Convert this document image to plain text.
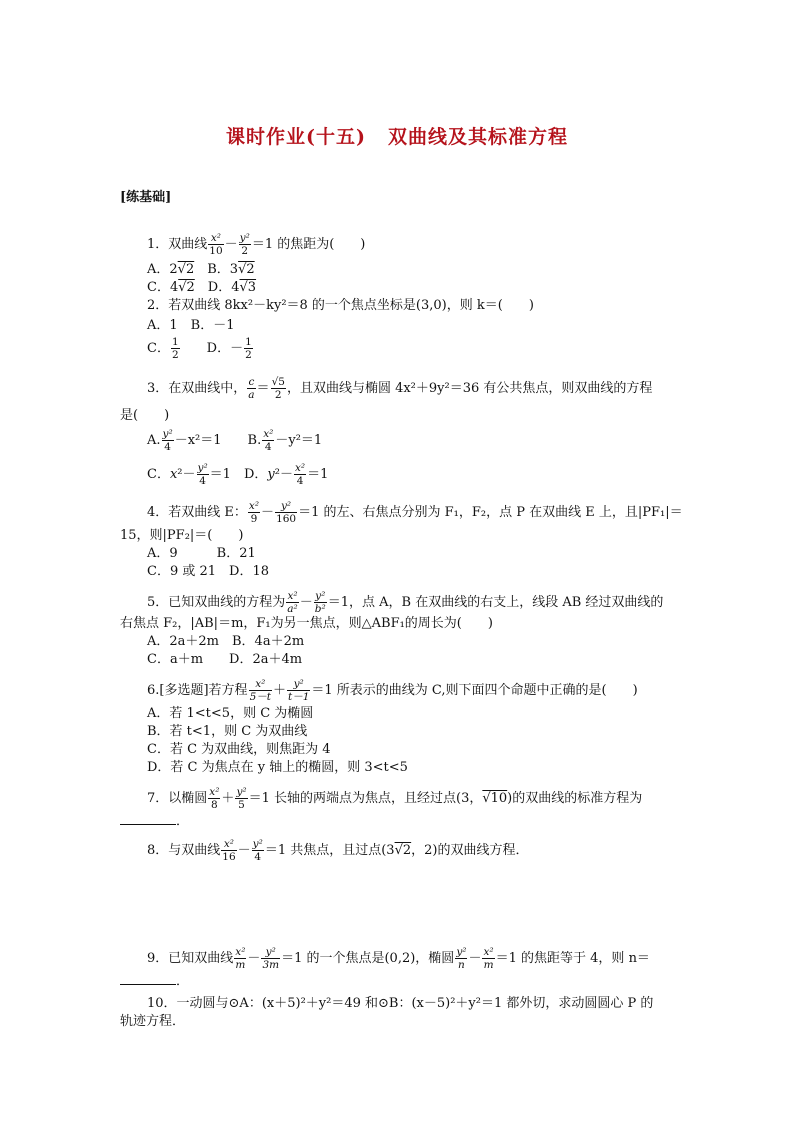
课时作业(十五) 双曲线及其标准方程
[练基础]
1．双曲线 $\frac{\text{x²}}{10} - \frac{\text{y²}}{2} =1$ 的焦距为(　　)
A．2√2　 B．3√2
C．4√2　 D．4√3
2．若双曲线 8kx²－ky²＝8 的一个焦点坐标是(3,0)，则 k＝(　　)
A．1　B．－1
C． $\frac{1}{2}$
　　 D．－ $\frac{1}{2}$
3．在双曲线中， $\frac{c}{a} = \frac{√5}{2}$ ，且双曲线与椭圆 4x²＋9y²＝36 有公共焦点，则双曲线的方程
是(　　)
A. $\frac{\text{y²}}{4} -x^2=1$　　B. $\frac{\text{x²}}{4} -y^2=1$
C．$x^2- \frac{\text{y²}}{4} =1$　D．$y^2- \frac{\text{x²}}{4} =1$
4．若双曲线 E： $\frac{\text{x²}}{9} - \frac{\text{y²}}{160} =1$ 的左、右焦点分别为 F₁，F₂，点 P 在双曲线 E 上，且|PF₁|＝
15，则|PF₂|＝(　　)
A．9　　　B．21
C．9 或 21　D．18
5．已知双曲线的方程为 $\frac{\text{x²}}{\text{a²}} - \frac{\text{y²}}{\text{b²}} =1$，点 A，B 在双曲线的右支上，线段 AB 经过双曲线的
右焦点 F₂，|AB|＝m，F₁为另一焦点，则△ABF₁的周长为(　　)
A．2a＋2m　B．4a＋2m
C．a＋m　　D．2a＋4m
6.[多选题]若方程 $\frac{\text{x²}}{5-t} + \frac{\text{y²}}{t-1} =1$ 所表示的曲线为 C,则下面四个命题中正确的是(　　)
A．若 1<t<5，则 C 为椭圆
B．若 t<1，则 C 为双曲线
C．若 C 为双曲线，则焦距为 4
D．若 C 为焦点在 y 轴上的椭圆，则 3<t<5
7．以椭圆 $\frac{\text{x²}}{8} + \frac{\text{y²}}{5} =1$ 长轴的两端点为焦点，且经过点(3，√10)的双曲线的标准方程为
．
8．与双曲线 $\frac{\text{x²}}{16} - \frac{\text{y²}}{4} =1$ 共焦点，且过点(3√2，2)的双曲线方程．
9．已知双曲线 $\frac{\text{x²}}{m} - \frac{\text{y²}}{3m} =1$ 的一个焦点是(0,2)，椭圆 $\frac{\text{y²}}{n} - \frac{\text{x²}}{m} =1$ 的焦距等于 4，则 n＝
．
10．一动圆与⊙A：(x＋5)²＋y²＝49 和⊙B：(x－5)²＋y²＝1 都外切，求动圆圆心 P 的
轨迹方程．
